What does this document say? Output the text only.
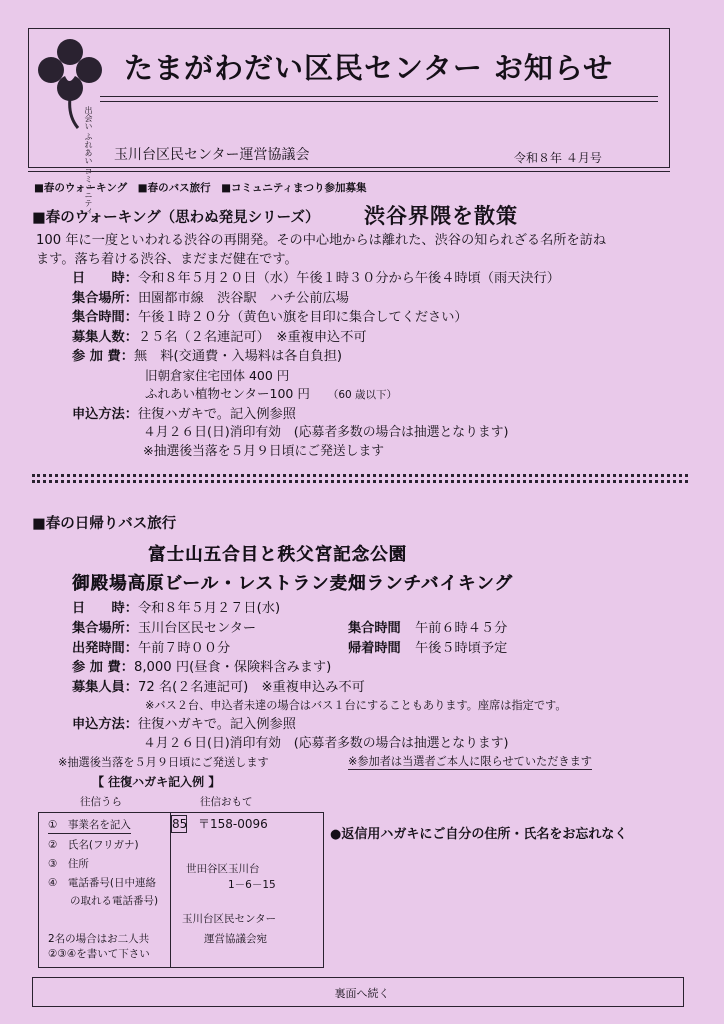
出会い ふれあい コミュニティ
たまがわだい区民センター お知らせ
玉川台区民センター運営協議会	令和８年 ４月号
■春のウォーキング　■春のバス旅行　■コミュニティまつり参加募集
■春のウォーキング（思わぬ発見シリーズ） 渋谷界隈を散策
100 年に一度といわれる渋谷の再開発。その中心地からは離れた、渋谷の知られざる名所を訪ね
ます。落ち着ける渋谷、まだまだ健在です。
日　　時：令和８年５月２０日（水）午後１時３０分から午後４時頃（雨天決行）
集合場所：田園都市線　渋谷駅　ハチ公前広場
集合時間：午後１時２０分（黄色い旗を目印に集合してください）
募集人数：２５名（２名連記可）　※重複申込不可
参 加 費：無　料(交通費・入場料は各自負担)
旧朝倉家住宅団体 400 円
ふれあい植物センター100 円 （60 歳以下）
申込方法：往復ハガキで。記入例参照
４月２６日(日)消印有効　(応募者多数の場合は抽選となります)
※抽選後当落を５月９日頃にご発送します
■春の日帰りバス旅行
富士山五合目と秩父宮記念公園
御殿場高原ビール・レストラン麦畑ランチバイキング
日　　時：令和８年５月２７日(水)
集合場所：玉川台区民センター	集合時間 午前６時４５分
出発時間：午前７時００分	帰着時間 午後５時頃予定
参 加 費：8,000 円(昼食・保険料含みます)
募集人員：72 名(２名連記可)　※重複申込み不可
※バス２台、申込者未達の場合はバス１台にすることもあります。座席は指定です。
申込方法：往復ハガキで。記入例参照
４月２６日(日)消印有効　(応募者多数の場合は抽選となります)
※抽選後当落を５月９日頃にご発送します	※参加者は当選者ご本人に限らせていただきます
【 往復ハガキ記入例 】
往信うら	往信おもて
①　事業名を記入
②　氏名(フリガナ)
③　住所
④　電話番号(日中連絡
の取れる電話番号)
2名の場合はお二人共
②③④を書いて下さい
85 〒158-0096
世田谷区玉川台
1－6－15
玉川台区民センター
運営協議会宛
●返信用ハガキにご自分の住所・氏名をお忘れなく
裏面へ続く
